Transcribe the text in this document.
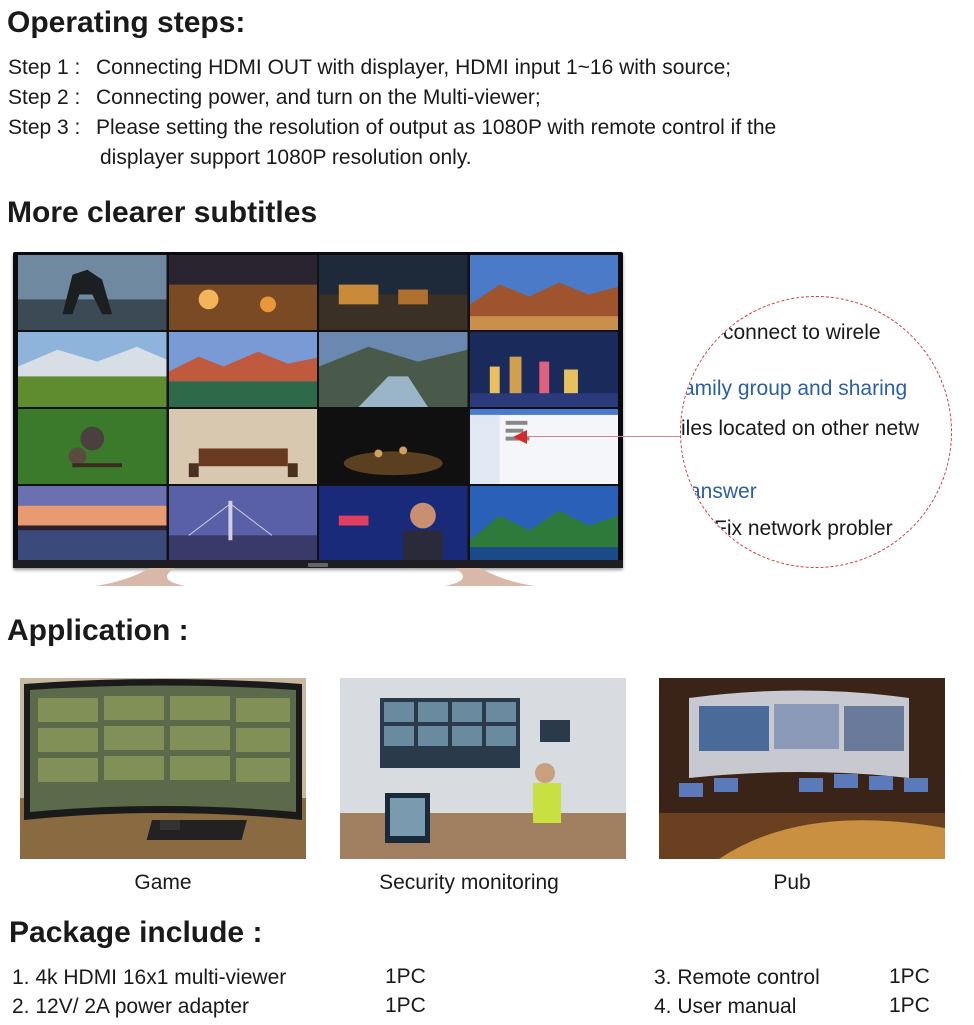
Operating steps:
Step 1 : Connecting HDMI OUT with displayer, HDMI input 1~16 with source;
Step 2 : Connecting power, and turn on the Multi-viewer;
Step 3 : Please setting the resolution of output as 1080P with remote control if the
displayer support 1080P resolution only.
More clearer subtitles
connect to wirele
amily group and sharing
iles located on other netw
answer
Fix network probler
Application :
Game	Security monitoring	Pub
Package include :
1. 4k HDMI 16x1 multi-viewer	1PC
2. 12V/ 2A power adapter	1PC
3. Remote control	1PC
4. User manual	1PC
